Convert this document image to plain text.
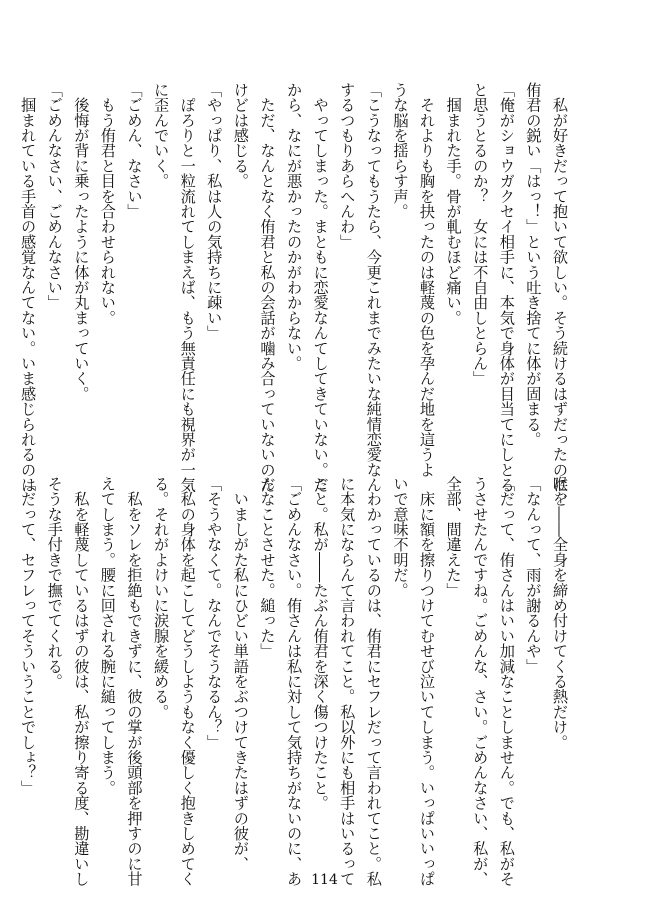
　私が好きだって抱いて欲しい。そう続けるはずだったのに、
侑君の鋭い「はっ！」という吐き捨てに体が固まる。
「俺がショウガクセイ相手に、本気で身体が目当てにしとる
と思うとるのか？　女には不自由しとらん」
　掴まれた手。骨が軋むほど痛い。
　それよりも胸を抉ったのは軽蔑の色を孕んだ地を這うよ
うな脳を揺らす声。
「こうなってもうたら、今更これまでみたいな純情恋愛なん
するつもりあらへんわ」
　やってしまった。まともに恋愛なんてしてきていない。だ
から、なにが悪かったのかがわからない。
　ただ、なんとなく侑君と私の会話が噛み合っていないのだ
けどは感じる。
「やっぱり、私は人の気持ちに疎い」
　ぽろりと一粒流れてしまえば、もう無責任にも視界が一気
に歪んでいく。
「ごめん、なさい」
　もう侑君と目を合わせられない。
　後悔が背に乗ったように体が丸まっていく。
「ごめんなさい、ごめんなさい」
　掴まれている手首の感覚なんてない。いま感じられるのは
喉を――全身を締め付けてくる熱だけ。
「なんって、雨が謝るんや」
「だって、侑さんはいい加減なことしません。でも、私がそ
うさせたんですね。ごめんな、さい。ごめんなさい、私が、
全部、間違えた」
　床に額を擦りつけてむせび泣いてしまう。いっぱいいっぱ
いで意味不明だ。
　わかっているのは、侑君にセフレだって言われてこと。私
に本気にならんて言われてこと。私以外にも相手はいるって
こと。私が――たぶん侑君を深く傷つけたこと。
「ごめんなさい。侑さんは私に対して気持ちがないのに、あ
んなことさせた。縋った」
　いましがた私にひどい単語をぶつけてきたはずの彼が、
「そうやなくて。なんでそうなるん？」
　私の身体を起こしてどうしようもなく優しく抱きしめてく
る。それがよけいに涙腺を緩める。
　私をソレを拒絶もできずに、彼の掌が後頭部を押すのに甘
えてしまう。腰に回される腕に縋ってしまう。
　私を軽蔑しているはずの彼は、私が擦り寄る度、勘違いし
そうな手付きで撫でてくれる。
「だって、セフレってそういうことでしょ？」
114
